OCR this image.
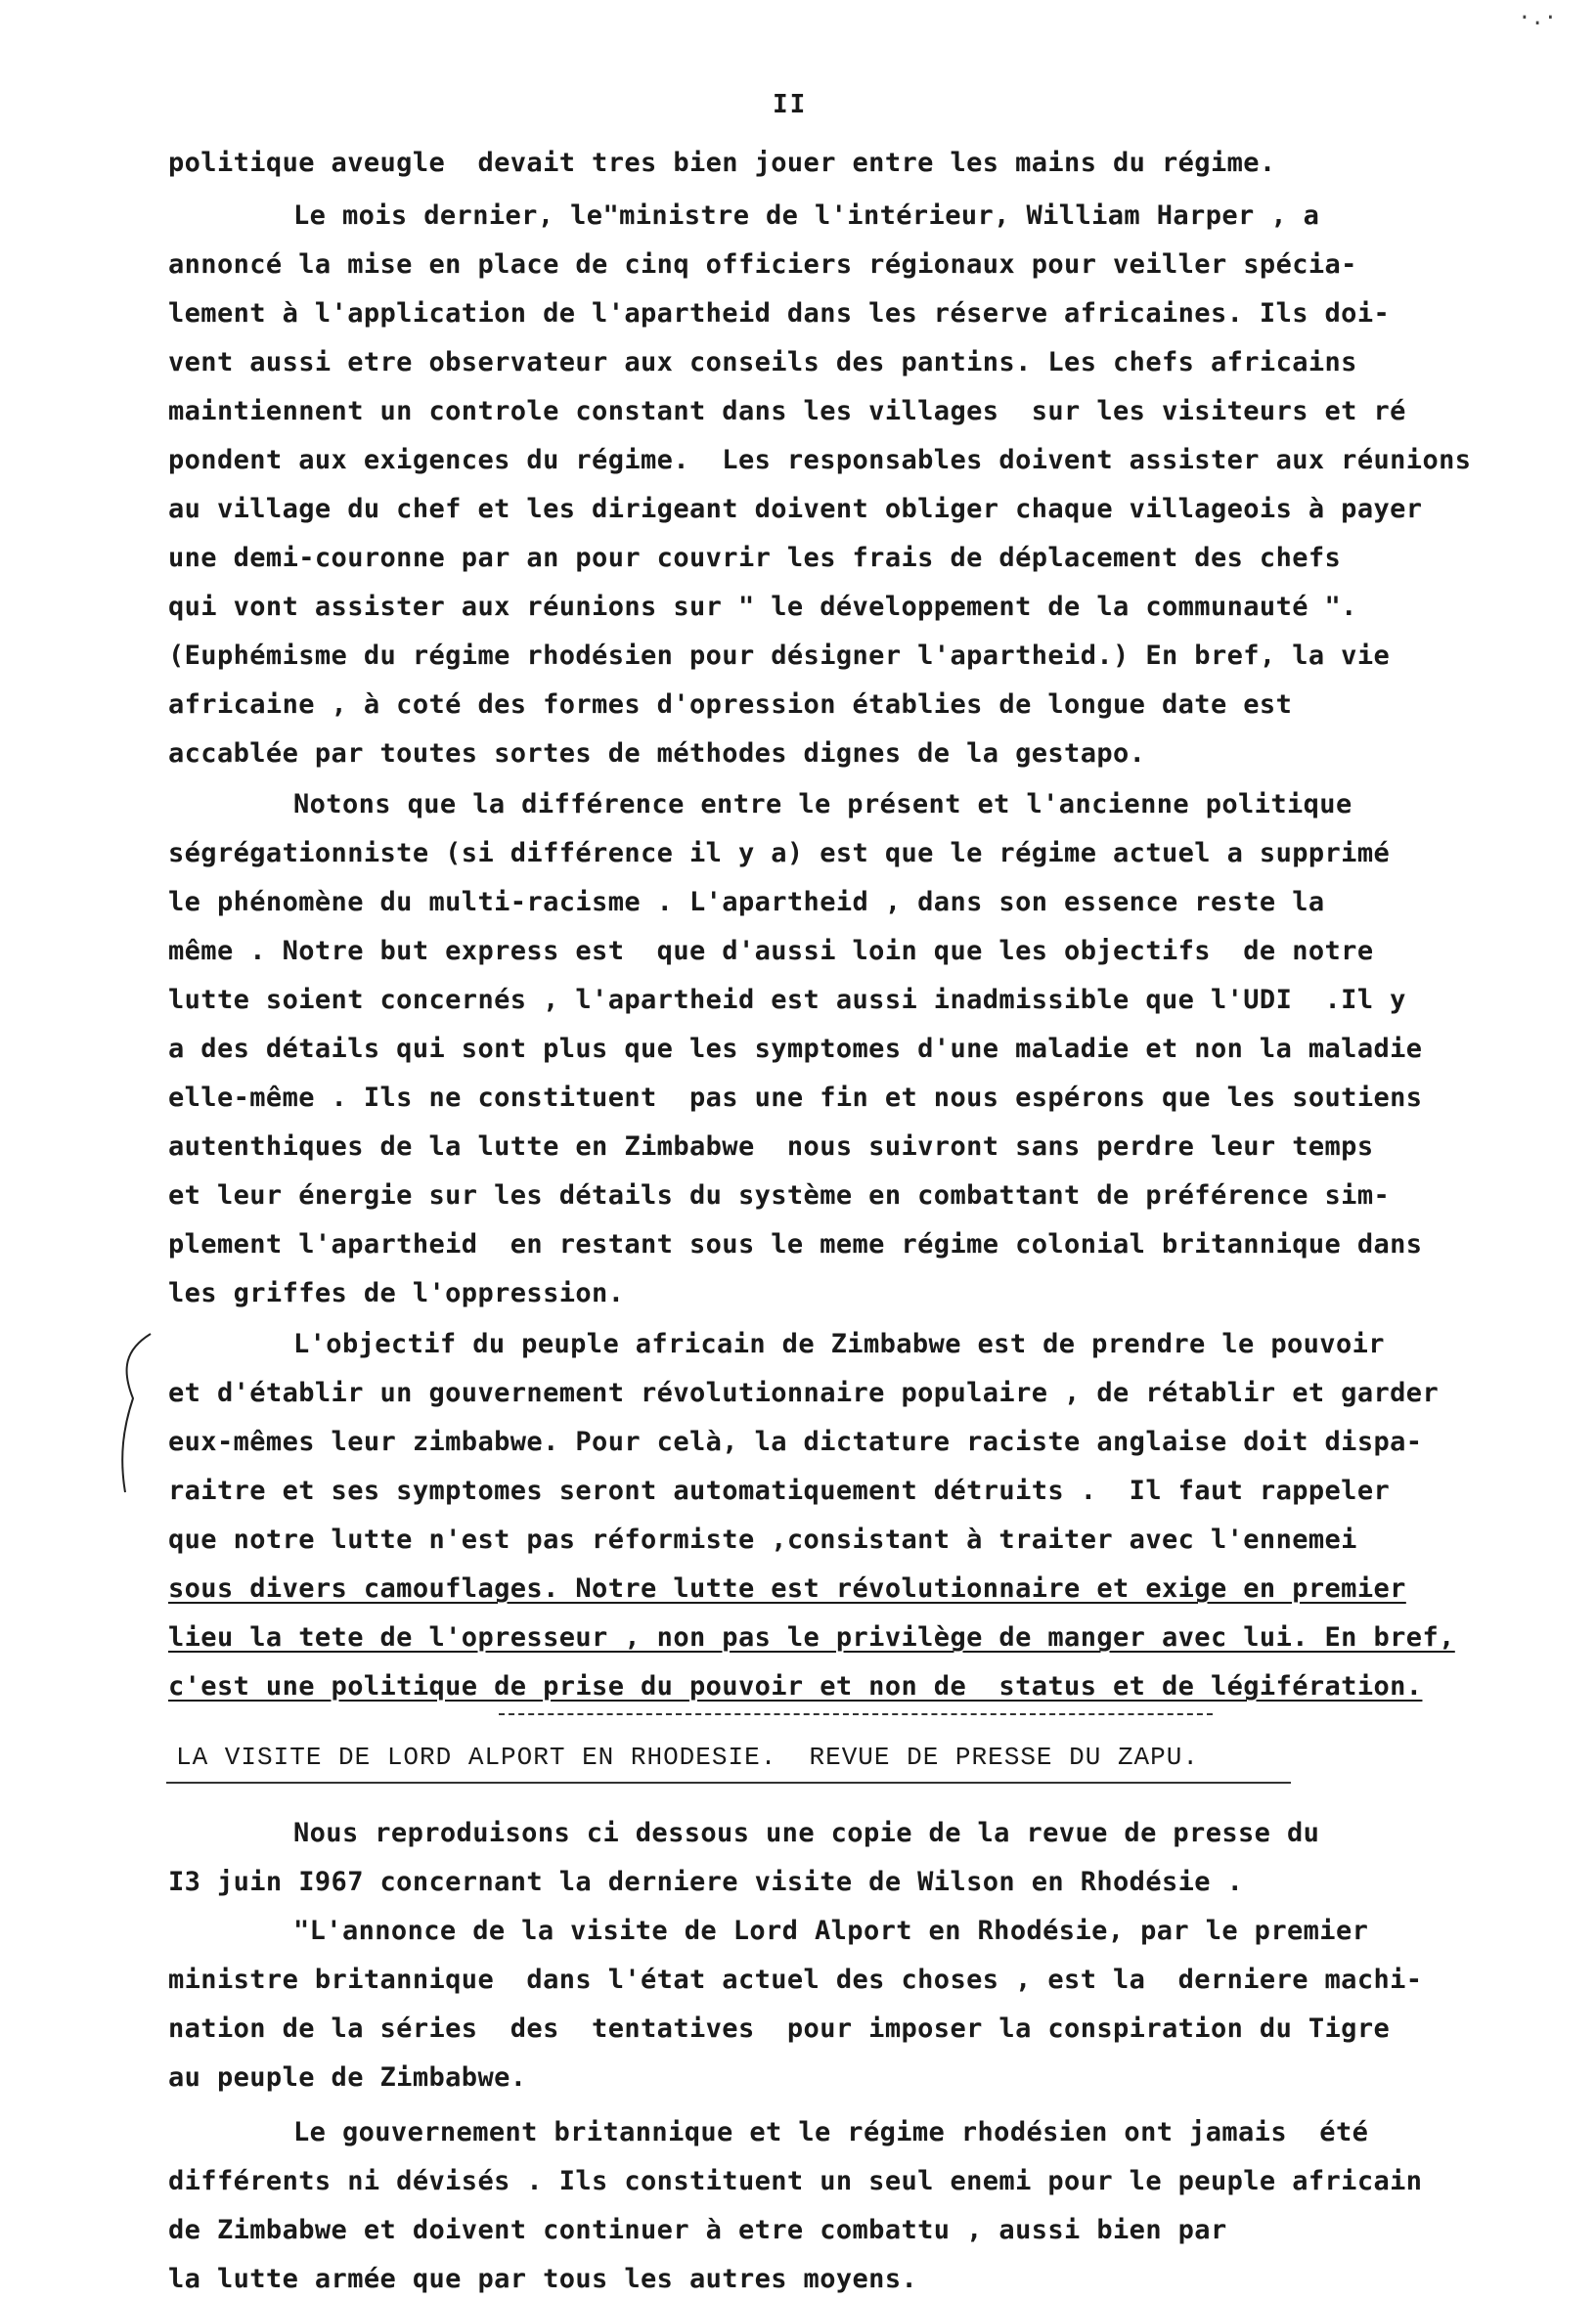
·.·
II
politique aveugle  devait tres bien jouer entre les mains du régime.
Le mois dernier, le"ministre de l'intérieur, William Harper , a
annoncé la mise en place de cinq officiers régionaux pour veiller spécia-
lement à l'application de l'apartheid dans les réserve africaines. Ils doi-
vent aussi etre observateur aux conseils des pantins. Les chefs africains
maintiennent un controle constant dans les villages  sur les visiteurs et ré
pondent aux exigences du régime.  Les responsables doivent assister aux réunions
au village du chef et les dirigeant doivent obliger chaque villageois à payer
une demi-couronne par an pour couvrir les frais de déplacement des chefs
qui vont assister aux réunions sur " le développement de la communauté ".
(Euphémisme du régime rhodésien pour désigner l'apartheid.) En bref, la vie
africaine , à coté des formes d'opression établies de longue date est
accablée par toutes sortes de méthodes dignes de la gestapo.
Notons que la différence entre le présent et l'ancienne politique
ségrégationniste (si différence il y a) est que le régime actuel a supprimé
le phénomène du multi-racisme . L'apartheid , dans son essence reste la
même . Notre but express est  que d'aussi loin que les objectifs  de notre
lutte soient concernés , l'apartheid est aussi inadmissible que l'UDI  .Il y
a des détails qui sont plus que les symptomes d'une maladie et non la maladie
elle-même . Ils ne constituent  pas une fin et nous espérons que les soutiens
autenthiques de la lutte en Zimbabwe  nous suivront sans perdre leur temps
et leur énergie sur les détails du système en combattant de préférence sim-
plement l'apartheid  en restant sous le meme régime colonial britannique dans
les griffes de l'oppression.
L'objectif du peuple africain de Zimbabwe est de prendre le pouvoir
et d'établir un gouvernement révolutionnaire populaire , de rétablir et garder
eux-mêmes leur zimbabwe. Pour celà, la dictature raciste anglaise doit dispa-
raitre et ses symptomes seront automatiquement détruits .  Il faut rappeler
que notre lutte n'est pas réformiste ,consistant à traiter avec l'ennemei
sous divers camouflages. Notre lutte est révolutionnaire et exige en premier
lieu la tete de l'opresseur , non pas le privilège de manger avec lui. En bref,
c'est une politique de prise du pouvoir et non de  status et de légifération.
LA VISITE DE LORD ALPORT EN RHODESIE.  REVUE DE PRESSE DU ZAPU.
Nous reproduisons ci dessous une copie de la revue de presse du
I3 juin I967 concernant la derniere visite de Wilson en Rhodésie .
"L'annonce de la visite de Lord Alport en Rhodésie, par le premier
ministre britannique  dans l'état actuel des choses , est la  derniere machi-
nation de la séries  des  tentatives  pour imposer la conspiration du Tigre
au peuple de Zimbabwe.
Le gouvernement britannique et le régime rhodésien ont jamais  été
différents ni dévisés . Ils constituent un seul enemi pour le peuple africain
de Zimbabwe et doivent continuer à etre combattu , aussi bien par
la lutte armée que par tous les autres moyens.
